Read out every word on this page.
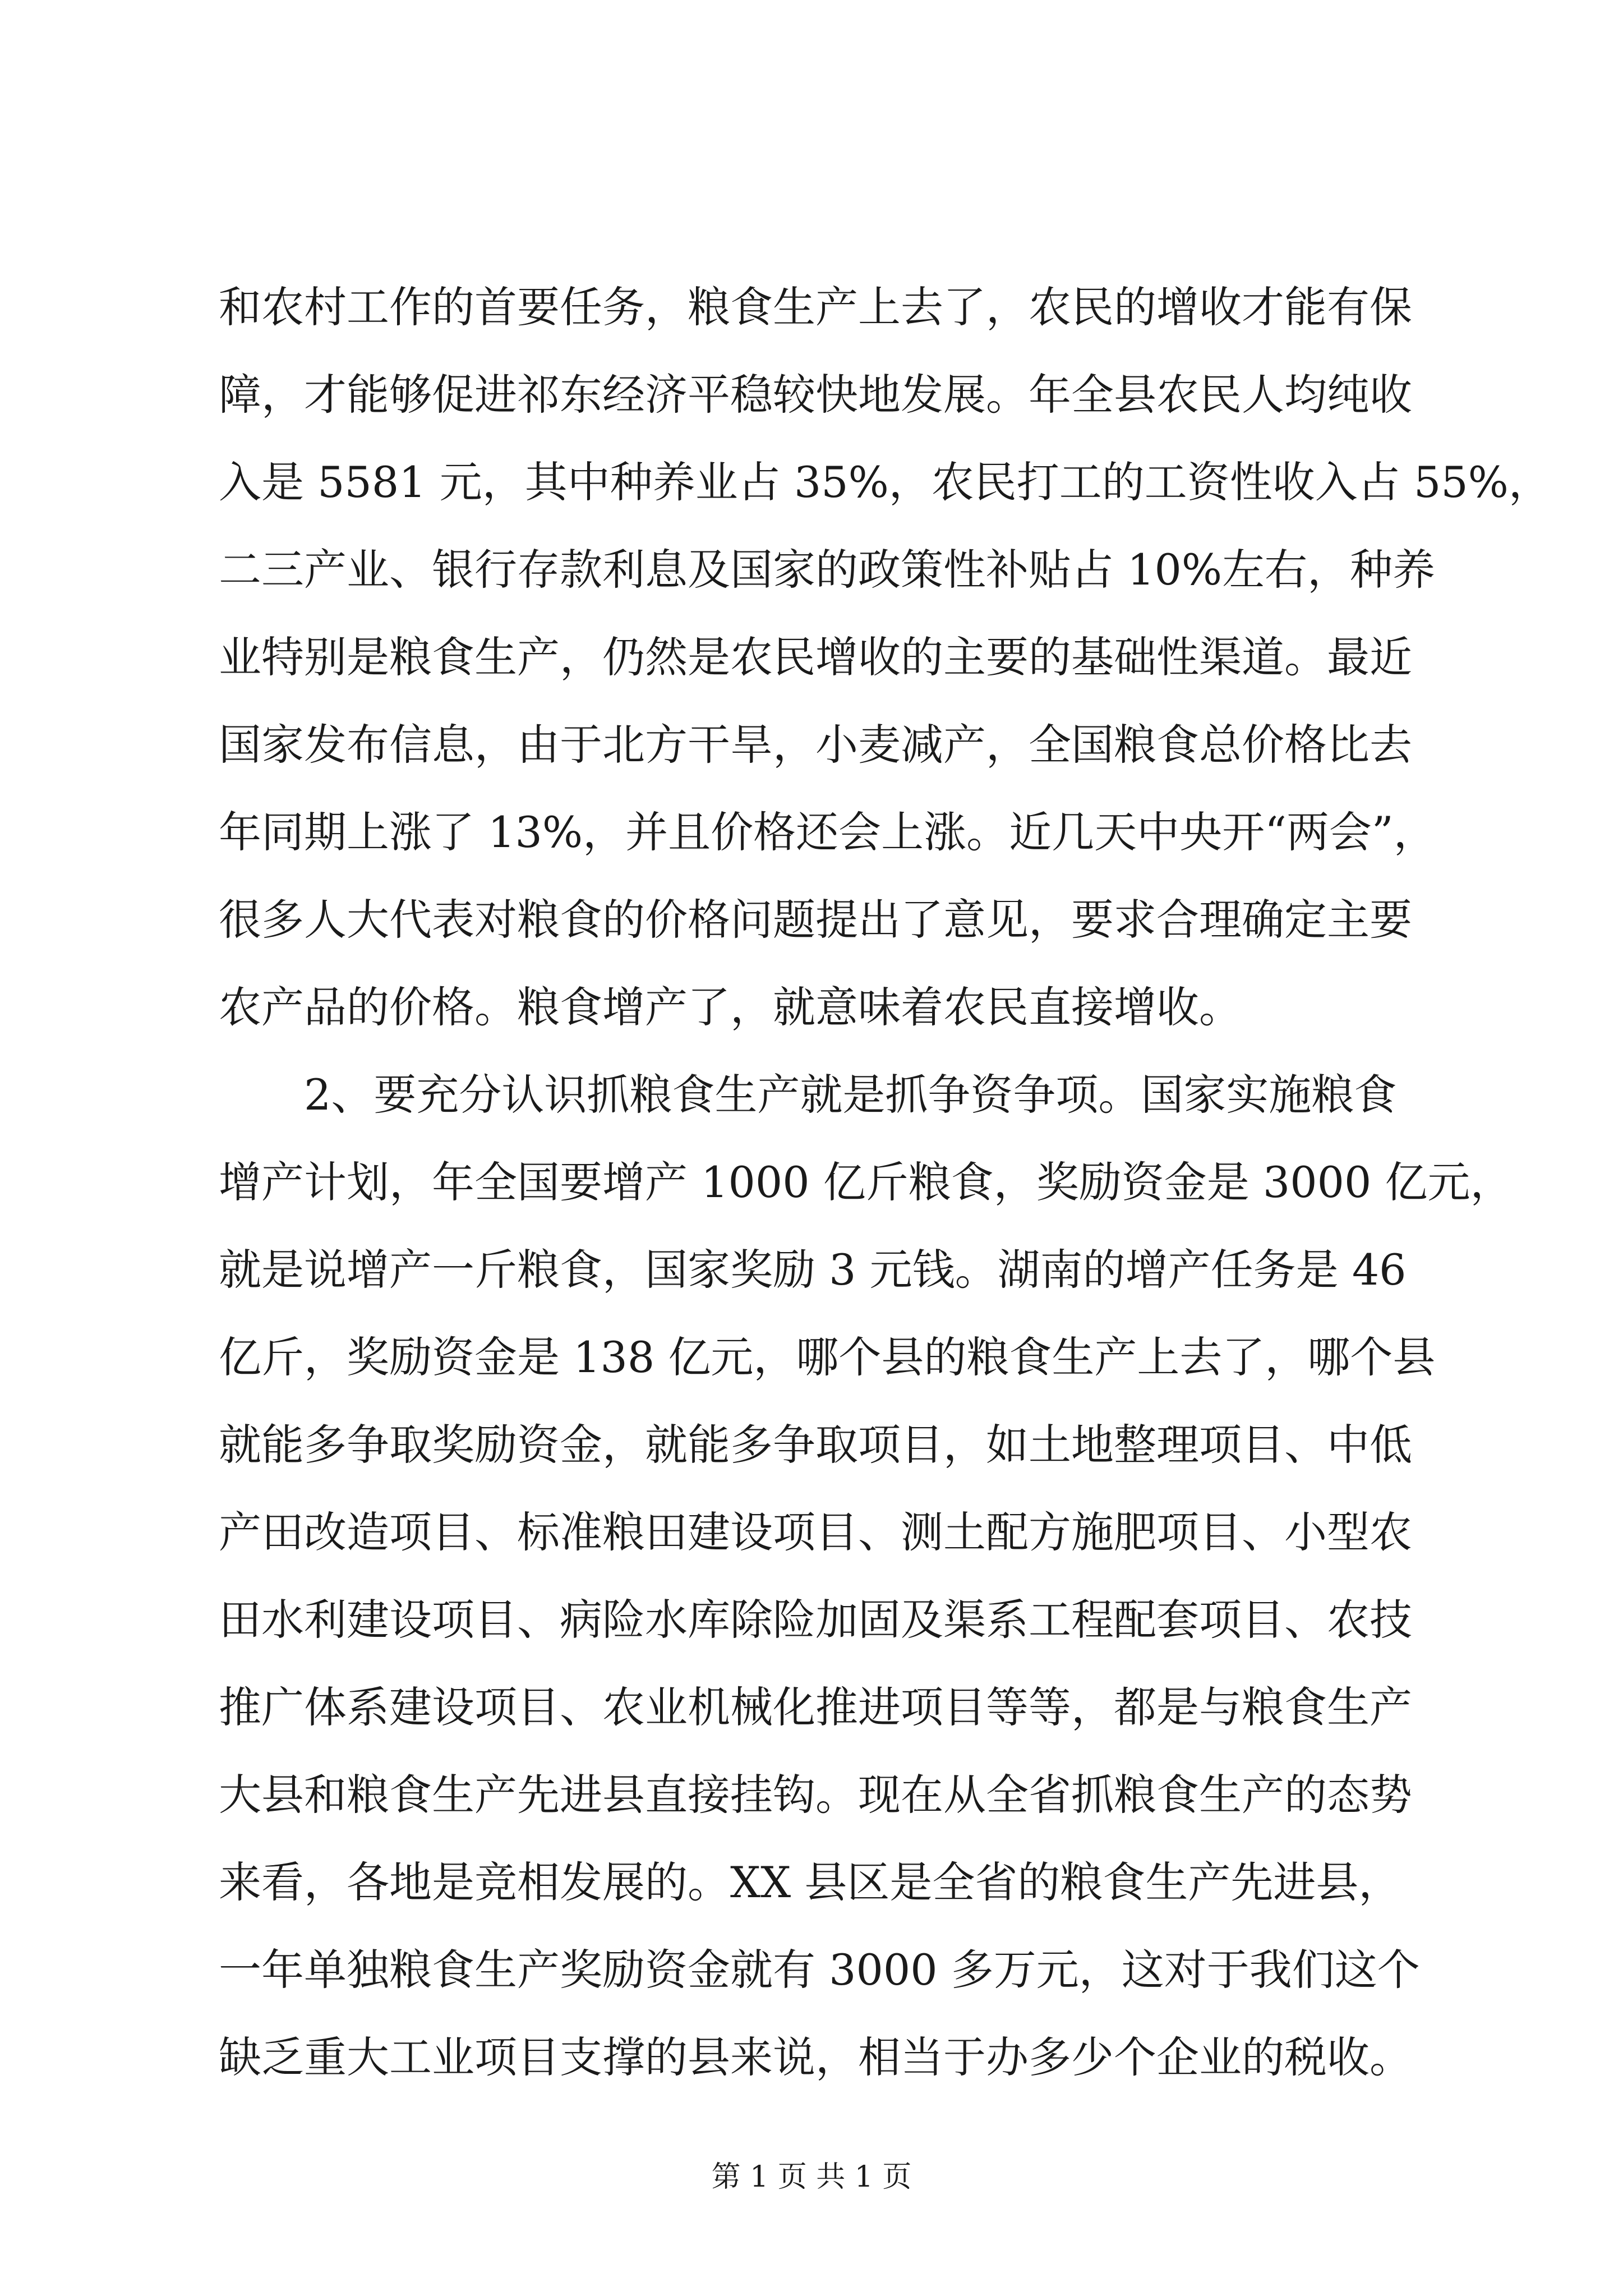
和农村工作的首要任务，粮食生产上去了，农民的增收才能有保
障，才能够促进祁东经济平稳较快地发展。年全县农民人均纯收
入是 5581 元，其中种养业占 35%，农民打工的工资性收入占 55%，
二三产业、银行存款利息及国家的政策性补贴占 10%左右，种养
业特别是粮食生产，仍然是农民增收的主要的基础性渠道。最近
国家发布信息，由于北方干旱，小麦减产，全国粮食总价格比去
年同期上涨了 13%，并且价格还会上涨。近几天中央开“两会”，
很多人大代表对粮食的价格问题提出了意见，要求合理确定主要
农产品的价格。粮食增产了，就意味着农民直接增收。
　　2、要充分认识抓粮食生产就是抓争资争项。国家实施粮食
增产计划，年全国要增产 1000 亿斤粮食，奖励资金是 3000 亿元，
就是说增产一斤粮食，国家奖励 3 元钱。湖南的增产任务是 46
亿斤，奖励资金是 138 亿元，哪个县的粮食生产上去了，哪个县
就能多争取奖励资金，就能多争取项目，如土地整理项目、中低
产田改造项目、标准粮田建设项目、测土配方施肥项目、小型农
田水利建设项目、病险水库除险加固及渠系工程配套项目、农技
推广体系建设项目、农业机械化推进项目等等，都是与粮食生产
大县和粮食生产先进县直接挂钩。现在从全省抓粮食生产的态势
来看，各地是竞相发展的。XX 县区是全省的粮食生产先进县，
一年单独粮食生产奖励资金就有 3000 多万元，这对于我们这个
第 1 页 共 1 页
缺乏重大工业项目支撑的县来说，相当于办多少个企业的税收。
